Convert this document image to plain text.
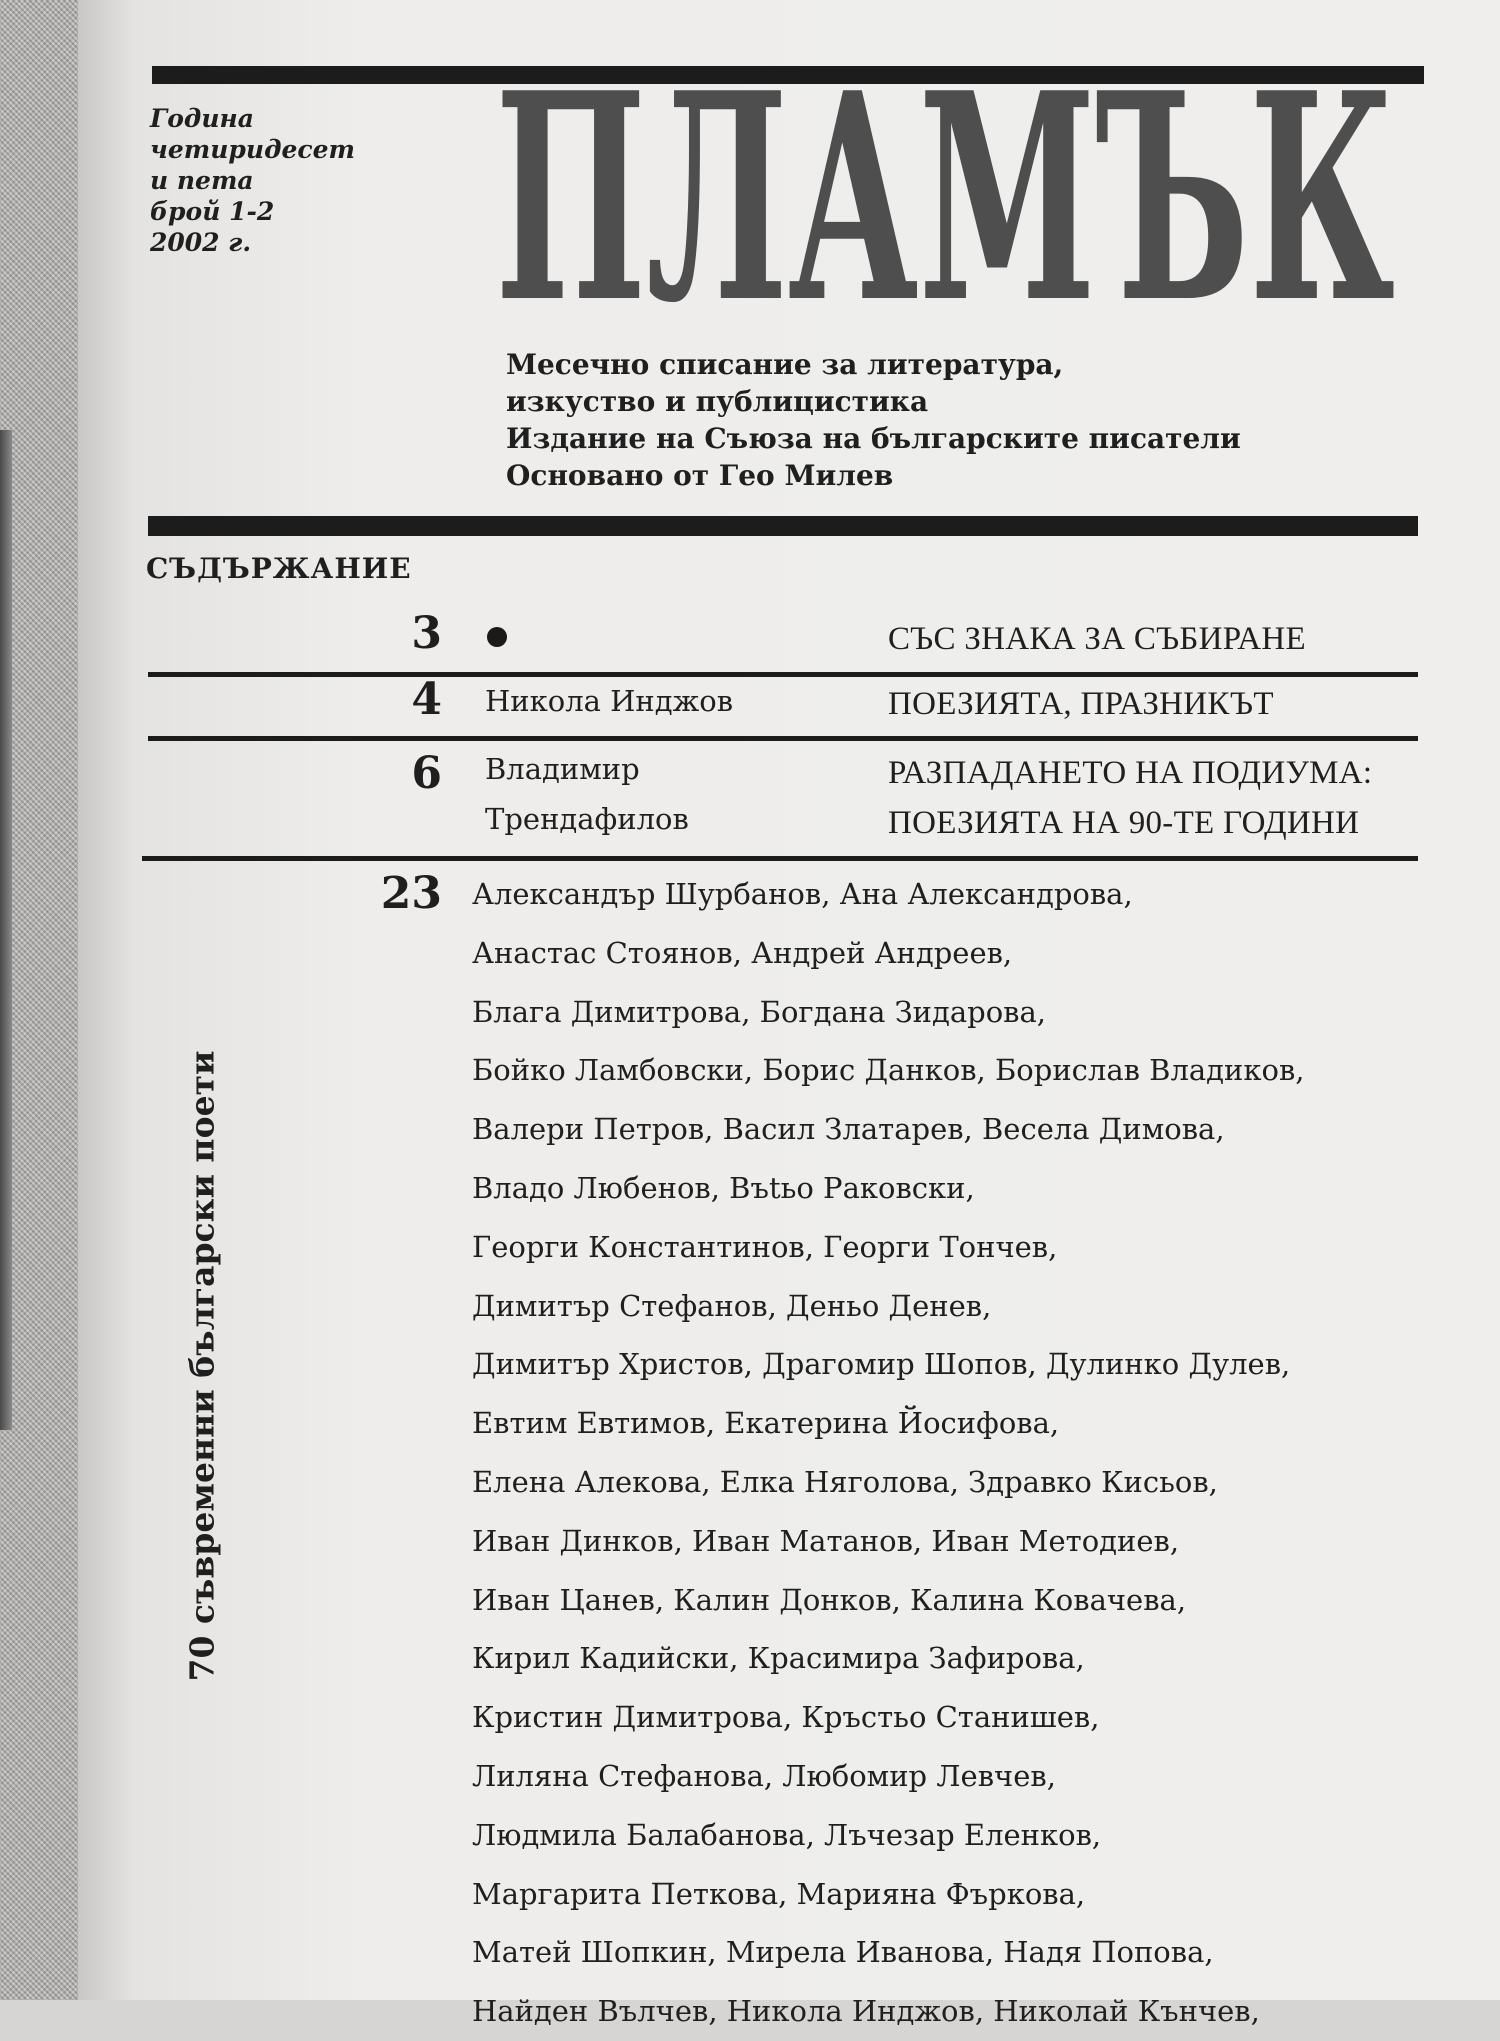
Година
четиридесет
и пета
брой 1-2
2002 г. ПЛАМЪК
Месечно списание за литература,
изкуство и публицистика
Издание на Съюза на българските писатели
Основано от Гео Милев
СЪДЪРЖАНИЕ
3	СЪС ЗНАКА ЗА СЪБИРАНЕ
4 Никола Инджов	ПОЕЗИЯТА, ПРАЗНИКЪТ
6 Владимир
Трендафилов
РАЗПАДАНЕТО НА ПОДИУМА:
ПОЕЗИЯТА НА 90-ТЕ ГОДИНИ
23 Александър Шурбанов, Ана Александрова,
Анастас Стоянов, Андрей Андреев,
Блага Димитрова, Богдана Зидарова,
Бойко Ламбовски, Борис Данков, Борислав Владиков,
Валери Петров, Васил Златарев, Весела Димова,
Владо Любенов, Въtьо Раковски,
Георги Константинов, Георги Тончев,
Димитър Стефанов, Деньо Денев,
Димитър Христов, Драгомир Шопов, Дулинко Дулев,
Евтим Евтимов, Екатерина Йосифова,
Елена Алекова, Елка Няголова, Здравко Кисьов,
Иван Динков, Иван Матанов, Иван Методиев,
Иван Цанев, Калин Донков, Калина Ковачева,
Кирил Кадийски, Красимира Зафирова,
Кристин Димитрова, Кръстьо Станишев,
Лиляна Стефанова, Любомир Левчев,
Людмила Балабанова, Лъчезар Еленков,
Маргарита Петкова, Марияна Фъркова,
Матей Шопкин, Мирела Иванова, Надя Попова,
Найден Вълчев, Никола Инджов, Николай Кънчев,
70 съвременни български поети
